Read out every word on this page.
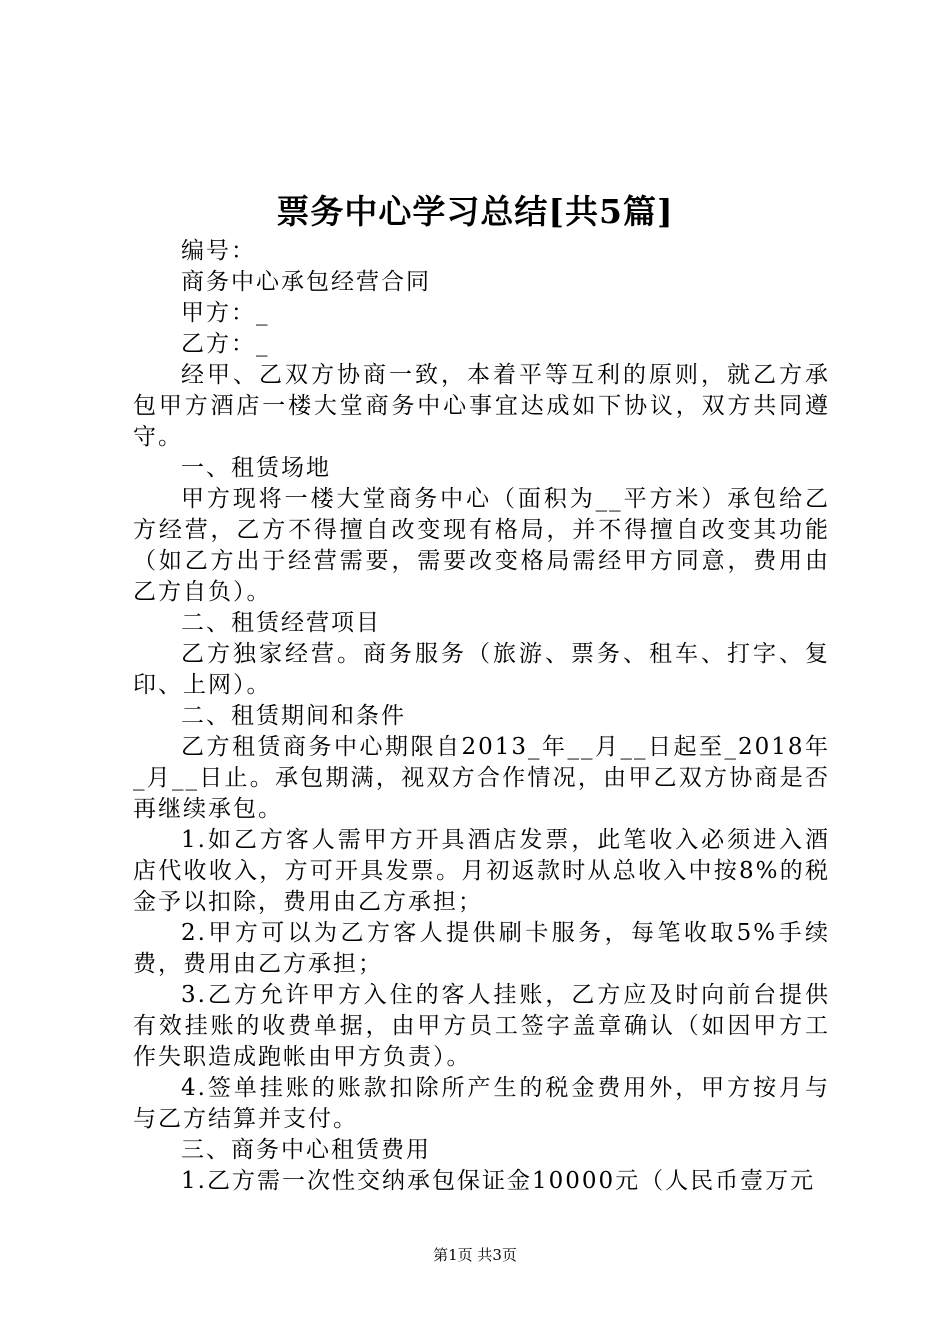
票务中心学习总结[共5篇]

编号：

商务中心承包经营合同

甲方：_

乙方：_

经甲、乙双方协商一致，本着平等互利的原则，就乙方承包甲方酒店一楼大堂商务中心事宜达成如下协议，双方共同遵守。

一、租赁场地

甲方现将一楼大堂商务中心（面积为__平方米）承包给乙方经营，乙方不得擅自改变现有格局，并不得擅自改变其功能（如乙方出于经营需要，需要改变格局需经甲方同意，费用由乙方自负）。

二、租赁经营项目

乙方独家经营。商务服务（旅游、票务、租车、打字、复印、上网）。

二、租赁期间和条件

乙方租赁商务中心期限自2013_年__月__日起至_2018年_月__日止。承包期满，视双方合作情况，由甲乙双方协商是否再继续承包。

1.如乙方客人需甲方开具酒店发票，此笔收入必须进入酒店代收收入，方可开具发票。月初返款时从总收入中按8%的税金予以扣除，费用由乙方承担；

2.甲方可以为乙方客人提供刷卡服务，每笔收取5%手续费，费用由乙方承担；

3.乙方允许甲方入住的客人挂账，乙方应及时向前台提供有效挂账的收费单据，由甲方员工签字盖章确认（如因甲方工作失职造成跑帐由甲方负责）。

4.签单挂账的账款扣除所产生的税金费用外，甲方按月与与乙方结算并支付。

三、商务中心租赁费用

1.乙方需一次性交纳承包保证金10000元（人民币壹万元

第1页 共3页
